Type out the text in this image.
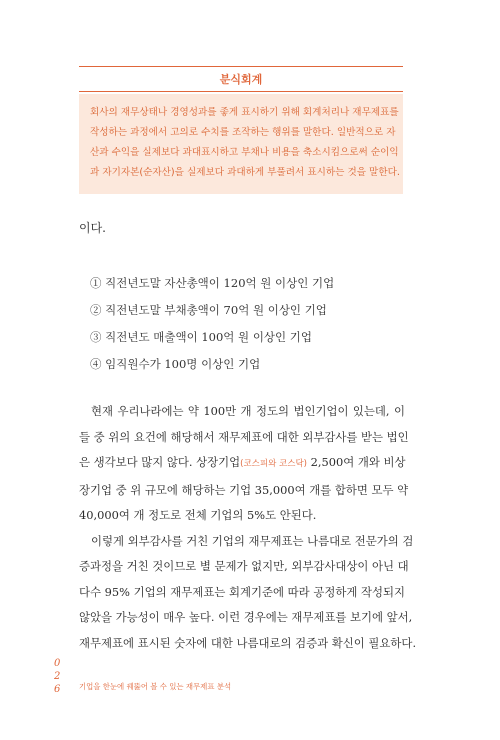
분식회계
회사의 재무상태나 경영성과를 좋게 표시하기 위해 회계처리나 재무제표를
작성하는 과정에서 고의로 수치를 조작하는 행위를 말한다. 일반적으로 자
산과 수익을 실제보다 과대표시하고 부채나 비용을 축소시킴으로써 순이익
과 자기자본(순자산)을 실제보다 과대하게 부풀려서 표시하는 것을 말한다.
이다.
① 직전년도말 자산총액이 120억 원 이상인 기업
② 직전년도말 부채총액이 70억 원 이상인 기업
③ 직전년도 매출액이 100억 원 이상인 기업
④ 임직원수가 100명 이상인 기업
현재 우리나라에는 약 100만 개 정도의 법인기업이 있는데, 이
들 중 위의 요건에 해당해서 재무제표에 대한 외부감사를 받는 법인
은 생각보다 많지 않다. 상장기업(코스피와 코스닥) 2,500여 개와 비상
장기업 중 위 규모에 해당하는 기업 35,000여 개를 합하면 모두 약
40,000여 개 정도로 전체 기업의 5%도 안된다.
이렇게 외부감사를 거친 기업의 재무제표는 나름대로 전문가의 검
증과정을 거친 것이므로 별 문제가 없지만, 외부감사대상이 아닌 대
다수 95% 기업의 재무제표는 회계기준에 따라 공정하게 작성되지
않았을 가능성이 매우 높다. 이런 경우에는 재무제표를 보기에 앞서,
재무제표에 표시된 숫자에 대한 나름대로의 검증과 확신이 필요하다.
0
2
6	기업을 한눈에 꿰뚫어 볼 수 있는 재무제표 분석
